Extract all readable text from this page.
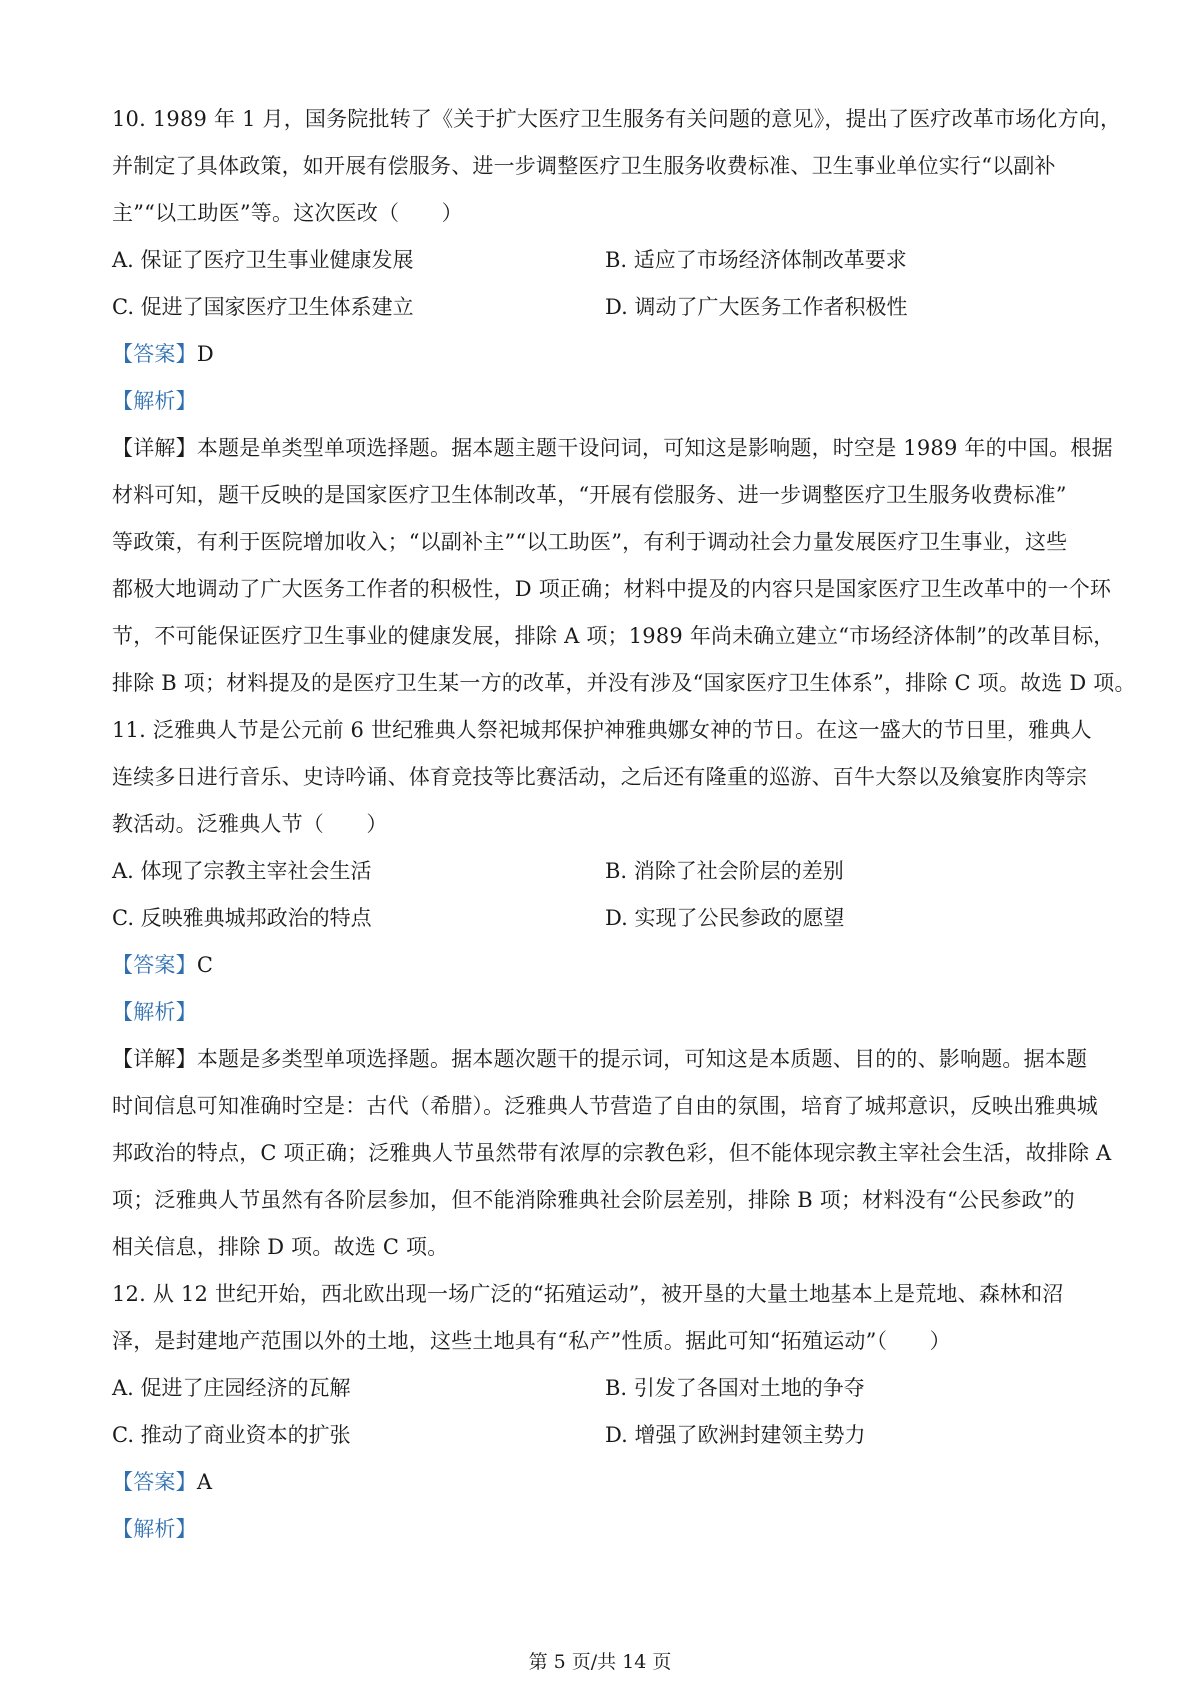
10. 1989 年 1 月，国务院批转了《关于扩大医疗卫生服务有关问题的意见》，提出了医疗改革市场化方向，
并制定了具体政策，如开展有偿服务、进一步调整医疗卫生服务收费标准、卫生事业单位实行“以副补
主”“以工助医”等。这次医改（　　）
A. 保证了医疗卫生事业健康发展	B. 适应了市场经济体制改革要求
C. 促进了国家医疗卫生体系建立	D. 调动了广大医务工作者积极性
【答案】D
【解析】
【详解】本题是单类型单项选择题。据本题主题干设问词，可知这是影响题，时空是 1989 年的中国。根据
材料可知，题干反映的是国家医疗卫生体制改革，“开展有偿服务、进一步调整医疗卫生服务收费标准”
等政策，有利于医院增加收入；“以副补主”“以工助医”，有利于调动社会力量发展医疗卫生事业，这些
都极大地调动了广大医务工作者的积极性，D 项正确；材料中提及的内容只是国家医疗卫生改革中的一个环
节，不可能保证医疗卫生事业的健康发展，排除 A 项；1989 年尚未确立建立“市场经济体制”的改革目标，
排除 B 项；材料提及的是医疗卫生某一方的改革，并没有涉及“国家医疗卫生体系”，排除 C 项。故选 D 项。
11. 泛雅典人节是公元前 6 世纪雅典人祭祀城邦保护神雅典娜女神的节日。在这一盛大的节日里，雅典人
连续多日进行音乐、史诗吟诵、体育竞技等比赛活动，之后还有隆重的巡游、百牛大祭以及飨宴胙肉等宗
教活动。泛雅典人节（　　）
A. 体现了宗教主宰社会生活	B. 消除了社会阶层的差别
C. 反映雅典城邦政治的特点	D. 实现了公民参政的愿望
【答案】C
【解析】
【详解】本题是多类型单项选择题。据本题次题干的提示词，可知这是本质题、目的的、影响题。据本题
时间信息可知准确时空是：古代（希腊）。泛雅典人节营造了自由的氛围，培育了城邦意识，反映出雅典城
邦政治的特点，C 项正确；泛雅典人节虽然带有浓厚的宗教色彩，但不能体现宗教主宰社会生活，故排除 A
项；泛雅典人节虽然有各阶层参加，但不能消除雅典社会阶层差别，排除 B 项；材料没有“公民参政”的
相关信息，排除 D 项。故选 C 项。
12. 从 12 世纪开始，西北欧出现一场广泛的“拓殖运动”，被开垦的大量土地基本上是荒地、森林和沼
泽，是封建地产范围以外的土地，这些土地具有“私产”性质。据此可知“拓殖运动”（　　）
A. 促进了庄园经济的瓦解	B. 引发了各国对土地的争夺
C. 推动了商业资本的扩张	D. 增强了欧洲封建领主势力
【答案】A
【解析】
第 5 页/共 14 页
